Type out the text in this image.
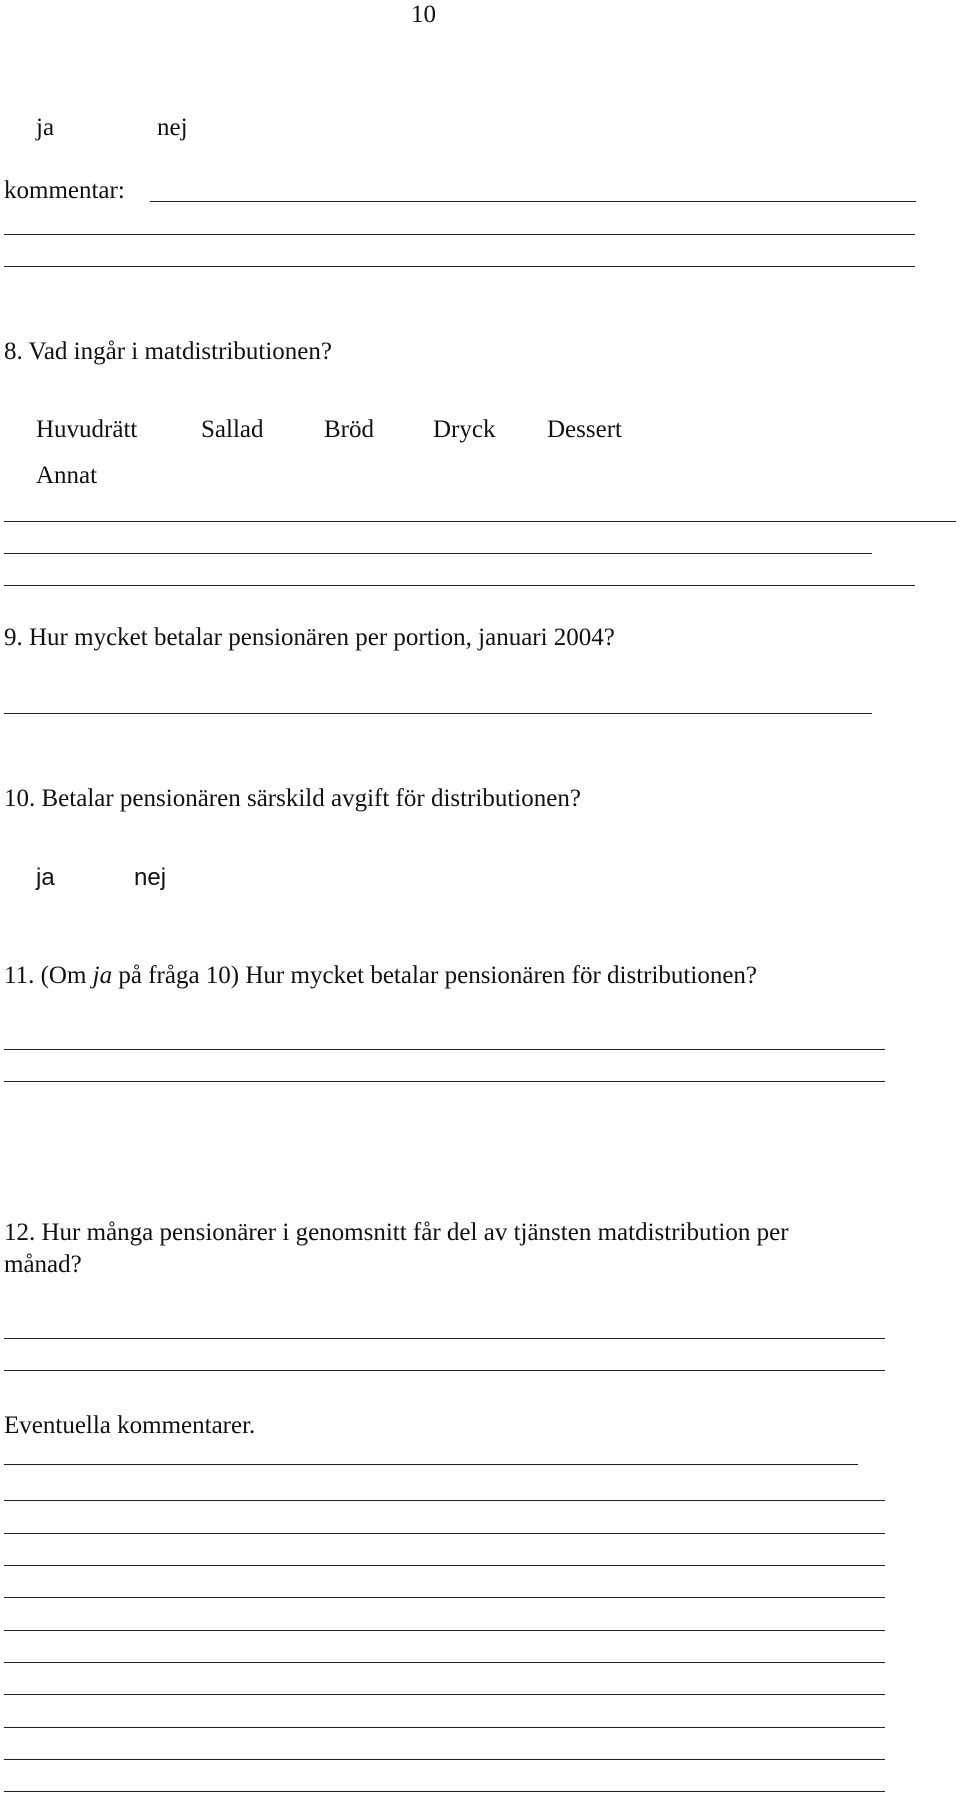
10
ja	nej
kommentar:
8. Vad ingår i matdistributionen?
Huvudrätt	Sallad Bröd Dryck Dessert
Annat
9. Hur mycket betalar pensionären per portion, januari 2004?
10. Betalar pensionären särskild avgift för distributionen?
ja	nej
11. (Om ja på fråga 10) Hur mycket betalar pensionären för distributionen?
12. Hur många pensionärer i genomsnitt får del av tjänsten matdistribution per
månad?
Eventuella kommentarer.
